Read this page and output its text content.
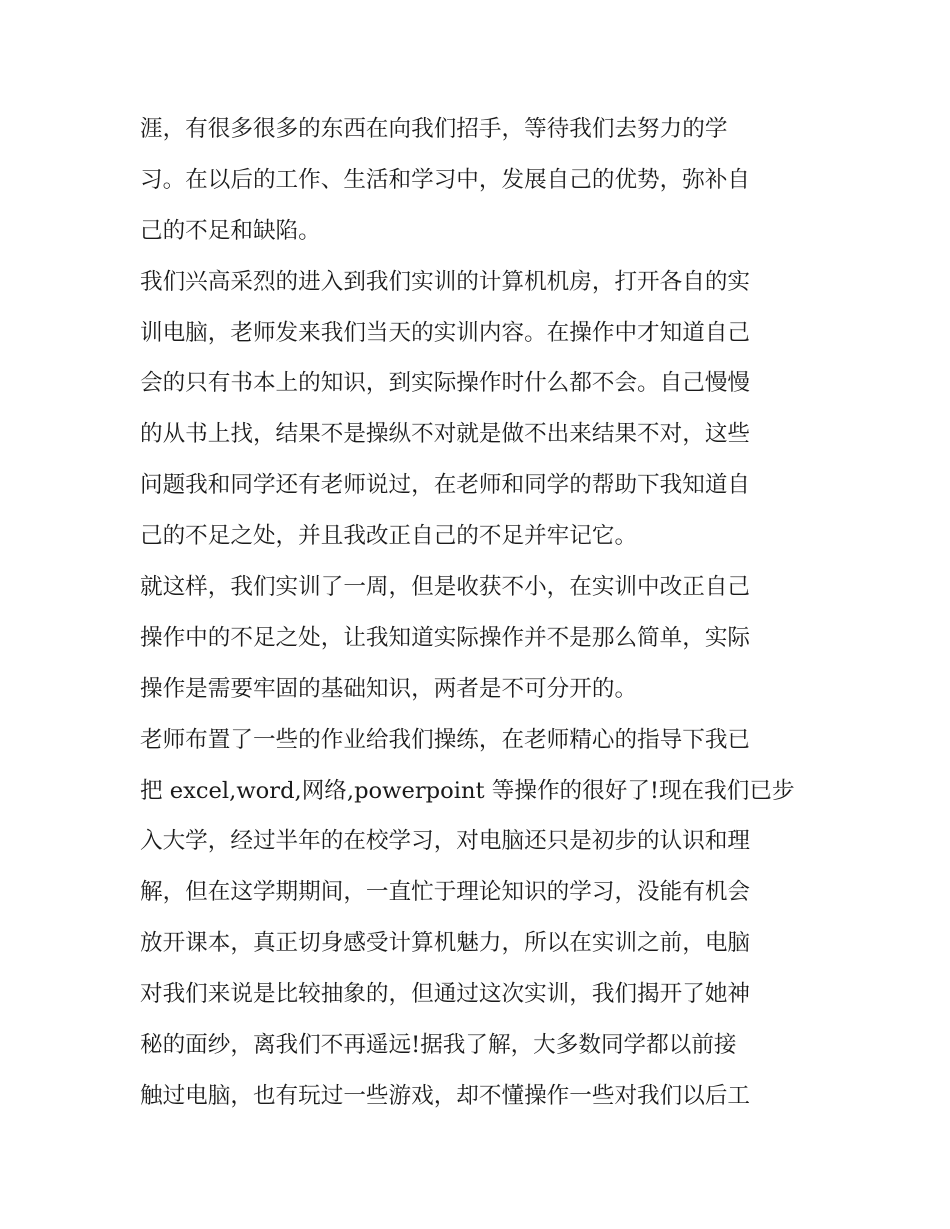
涯，有很多很多的东西在向我们招手，等待我们去努力的学
习。在以后的工作、生活和学习中，发展自己的优势，弥补自
己的不足和缺陷。
我们兴高采烈的进入到我们实训的计算机机房，打开各自的实
训电脑，老师发来我们当天的实训内容。在操作中才知道自己
会的只有书本上的知识，到实际操作时什么都不会。自己慢慢
的从书上找，结果不是操纵不对就是做不出来结果不对，这些
问题我和同学还有老师说过，在老师和同学的帮助下我知道自
己的不足之处，并且我改正自己的不足并牢记它。
就这样，我们实训了一周，但是收获不小，在实训中改正自己
操作中的不足之处，让我知道实际操作并不是那么简单，实际
操作是需要牢固的基础知识，两者是不可分开的。
老师布置了一些的作业给我们操练，在老师精心的指导下我已
把 excel,word,网络,powerpoint 等操作的很好了!现在我们已步
入大学，经过半年的在校学习，对电脑还只是初步的认识和理
解，但在这学期期间，一直忙于理论知识的学习，没能有机会
放开课本，真正切身感受计算机魅力，所以在实训之前，电脑
对我们来说是比较抽象的，但通过这次实训，我们揭开了她神
秘的面纱，离我们不再遥远!据我了解，大多数同学都以前接
触过电脑，也有玩过一些游戏，却不懂操作一些对我们以后工
